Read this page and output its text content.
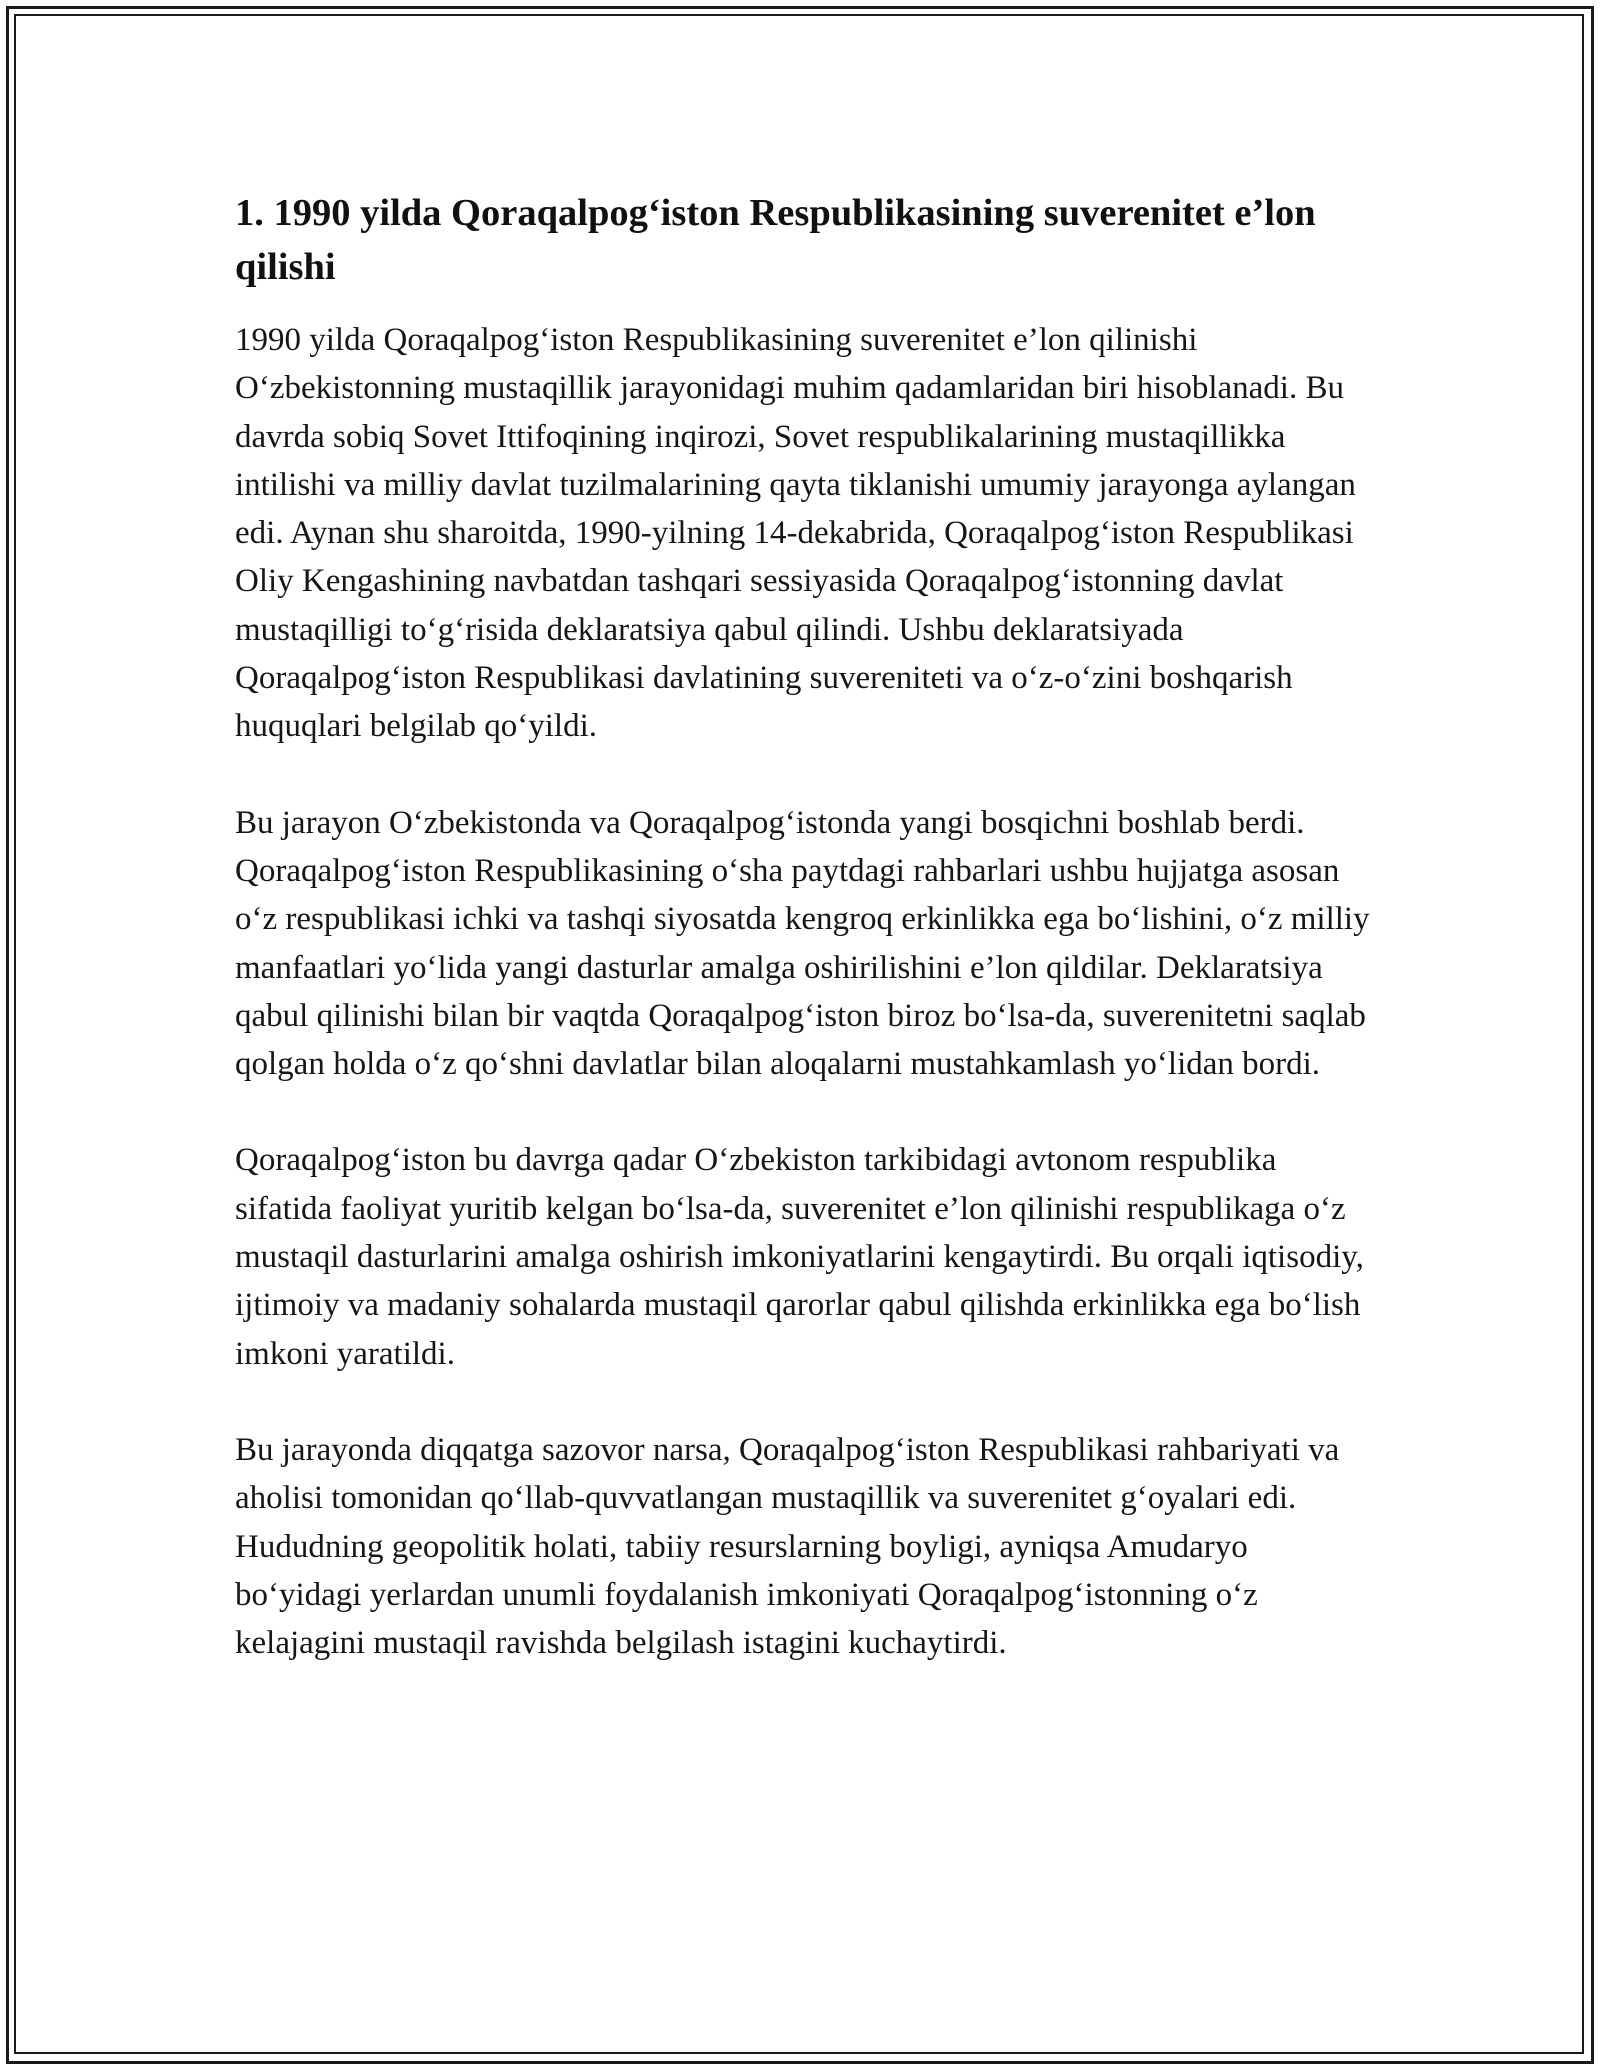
1. 1990 yilda Qoraqalpog‘iston Respublikasining suverenitet e’lon qilishi

1990 yilda Qoraqalpog‘iston Respublikasining suverenitet e’lon qilinishi O‘zbekistonning mustaqillik jarayonidagi muhim qadamlaridan biri hisoblanadi. Bu davrda sobiq Sovet Ittifoqining inqirozi, Sovet respublikalarining mustaqillikka intilishi va milliy davlat tuzilmalarining qayta tiklanishi umumiy jarayonga aylangan edi. Aynan shu sharoitda, 1990-yilning 14-dekabrida, Qoraqalpog‘iston Respublikasi Oliy Kengashining navbatdan tashqari sessiyasida Qoraqalpog‘istonning davlat mustaqilligi to‘g‘risida deklaratsiya qabul qilindi. Ushbu deklaratsiyada Qoraqalpog‘iston Respublikasi davlatining suvereniteti va o‘z-o‘zini boshqarish huquqlari belgilab qo‘yildi.

Bu jarayon O‘zbekistonda va Qoraqalpog‘istonda yangi bosqichni boshlab berdi. Qoraqalpog‘iston Respublikasining o‘sha paytdagi rahbarlari ushbu hujjatga asosan o‘z respublikasi ichki va tashqi siyosatda kengroq erkinlikka ega bo‘lishini, o‘z milliy manfaatlari yo‘lida yangi dasturlar amalga oshirilishini e’lon qildilar. Deklaratsiya qabul qilinishi bilan bir vaqtda Qoraqalpog‘iston biroz bo‘lsa-da, suverenitetni saqlab qolgan holda o‘z qo‘shni davlatlar bilan aloqalarni mustahkamlash yo‘lidan bordi.

Qoraqalpog‘iston bu davrga qadar O‘zbekiston tarkibidagi avtonom respublika sifatida faoliyat yuritib kelgan bo‘lsa-da, suverenitet e’lon qilinishi respublikaga o‘z mustaqil dasturlarini amalga oshirish imkoniyatlarini kengaytirdi. Bu orqali iqtisodiy, ijtimoiy va madaniy sohalarda mustaqil qarorlar qabul qilishda erkinlikka ega bo‘lish imkoni yaratildi.

Bu jarayonda diqqatga sazovor narsa, Qoraqalpog‘iston Respublikasi rahbariyati va aholisi tomonidan qo‘llab-quvvatlangan mustaqillik va suverenitet g‘oyalari edi. Hududning geopolitik holati, tabiiy resurslarning boyligi, ayniqsa Amudaryo bo‘yidagi yerlardan unumli foydalanish imkoniyati Qoraqalpog‘istonning o‘z kelajagini mustaqil ravishda belgilash istagini kuchaytirdi.
